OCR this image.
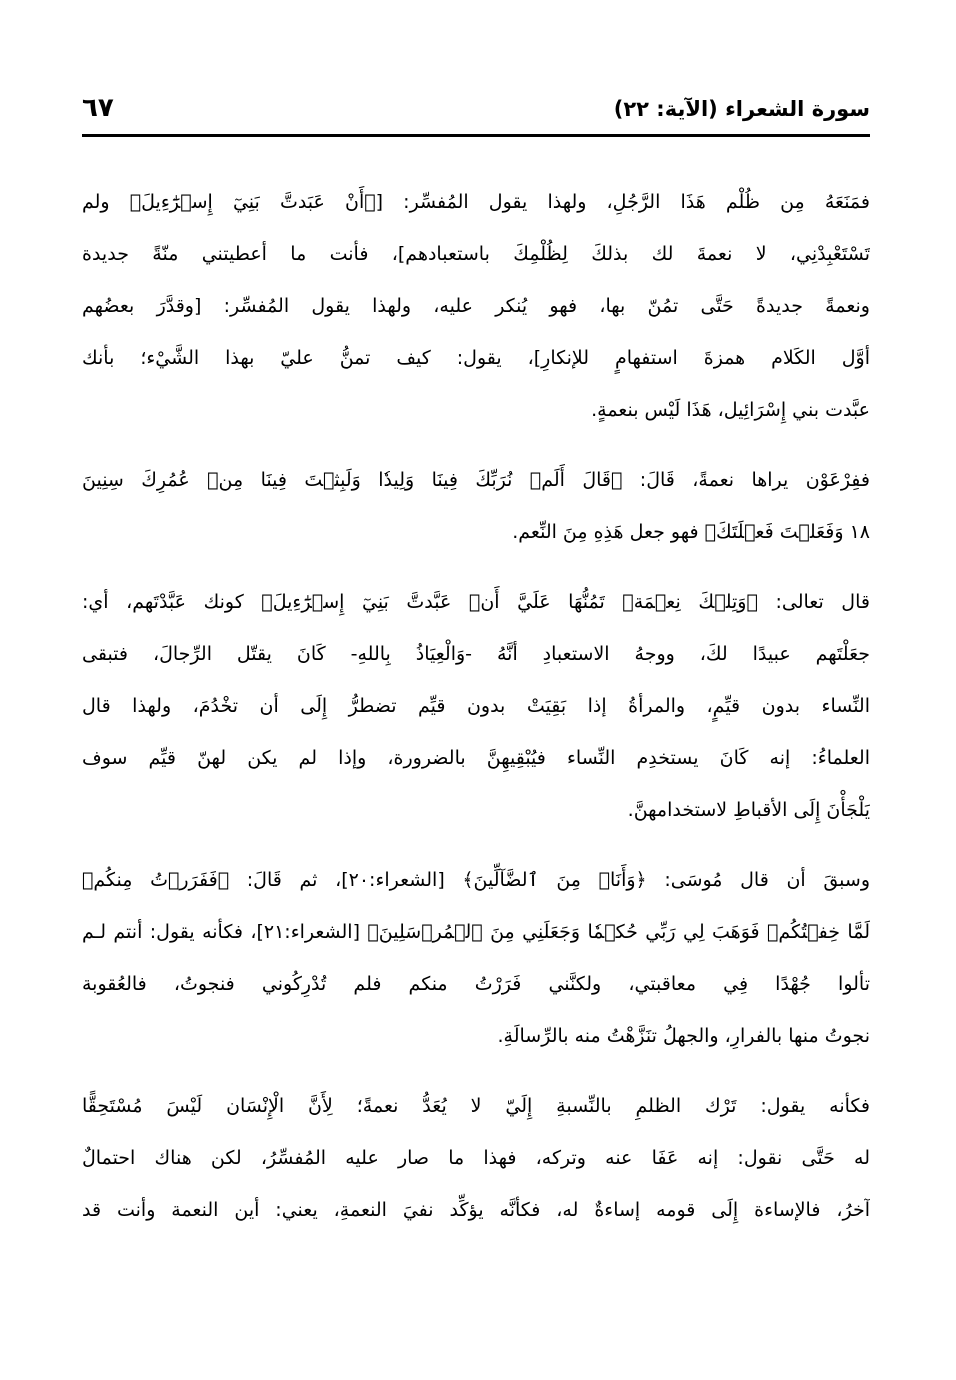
سورة الشعراء (الآية: ٢٢)
٦٧
فمَنَعَهُ مِن ظُلْم هَذَا الرَّجُلِ، ولهذا يقول المُفسِّر: [﴿أَنْ عَبَدتَّ بَنِيٓ إِسۡرَٰٓءِيلَ﴾ ولم
تَسْتَعْبِدْنِي، لا نعمةَ لك بذلكَ لِظُلْمِكَ باستعبادهم]، فأنت ما أعطيتني منّةً جديدة
ونعمةً جديدةً حَتَّى تمُنّ بها، فهو يُنكر عليه، ولهذا يقول المُفسِّر: [وقدَّرَ بعضُهم
أوَّل الكَلام همزةَ استفهامٍ للإنكارِ]، يقول: كيف تمنُّ عليّ بهذا الشَّيْء؛ بأنك
عبَّدت بني إِسْرَائِيل، هَذَا لَيْس بنعمةٍ.
ففِرْعَوْن يراها نعمةً، قَالَ: ﴿قَالَ أَلَمۡ نُرَبِّكَ فِينَا وَلِيدٗا وَلَبِثۡتَ فِينَا مِنۡ عُمُرِكَ سِنِينَ
١٨ وَفَعَلۡتَ فَعۡلَتَكَ﴾ فهو جعل هَذِهِ مِنَ النِّعم.
قال تعالى: ﴿وَتِلۡكَ نِعۡمَةٞ تَمُنُّهَا عَلَيَّ أَنۡ عَبَّدتَّ بَنِيٓ إِسۡرَٰٓءِيلَ﴾ كونك عَبَّدْتَهم، أي:
جعَلْتَهم عبيدًا لكَ، ووجهُ الاستعبادِ أنَّهُ -وَالْعِيَاذُ بِاللهِ- كَانَ يقتّل الرِّجالَ، فتبقى
النِّساء بدون قيِّمٍ، والمرأةُ إذا بَقِيَتْ بدون قيِّم تضطرُّ إِلَى أن تخْدُمَ، ولهذا قال
العلماءُ: إنه كَانَ يستخدِم النِّساء فيُبْقِيهِنَّ بالضرورة، وإذا لم يكن لهنّ قيِّم سوف
يَلْجَأْنَ إِلَى الأقباطِ لاستخدامهنَّ.
وسبقَ أن قال مُوسَى: ﴿وَأَنَا۠ مِنَ ٱلضَّآلِّينَ﴾ [الشعراء:٢٠]، ثم قَالَ: ﴿فَفَرَرۡتُ مِنكُمۡ
لَمَّا خِفۡتُكُمۡ فَوَهَبَ لِي رَبِّي حُكۡمٗا وَجَعَلَنِي مِنَ ٱلۡمُرۡسَلِينَ﴾ [الشعراء:٢١]، فكأنه يقول: أنتم لـم
تألوا جُهْدًا فِي معاقبتي، ولكنَّني فَرَرْتُ منكم فلم تُدْرِكُوني فنجوتُ، فالعُقوبة
نجوتُ منها بالفرارِ، والجهلُ تنَزَّهْتُ منه بالرِّسالَةِ.
فكأنه يقول: تَرْك الظلمِ بالنِّسبةِ إِلَيّ لا يُعَدُّ نعمةً؛ لِأَنَّ الْإِنْسَان لَيْسَ مُسْتَحِقًّا
له حَتَّى نقول: إنه عَفَا عنه وتركه، فهذا ما صار عليه المُفسِّرُ، لكن هناك احتمالٌ
آخرُ، فالإساءة إِلَى قومه إساءةٌ له، فكأنَّه يؤكِّد نفيَ النعمةِ، يعني: أين النعمة وأنت قد
